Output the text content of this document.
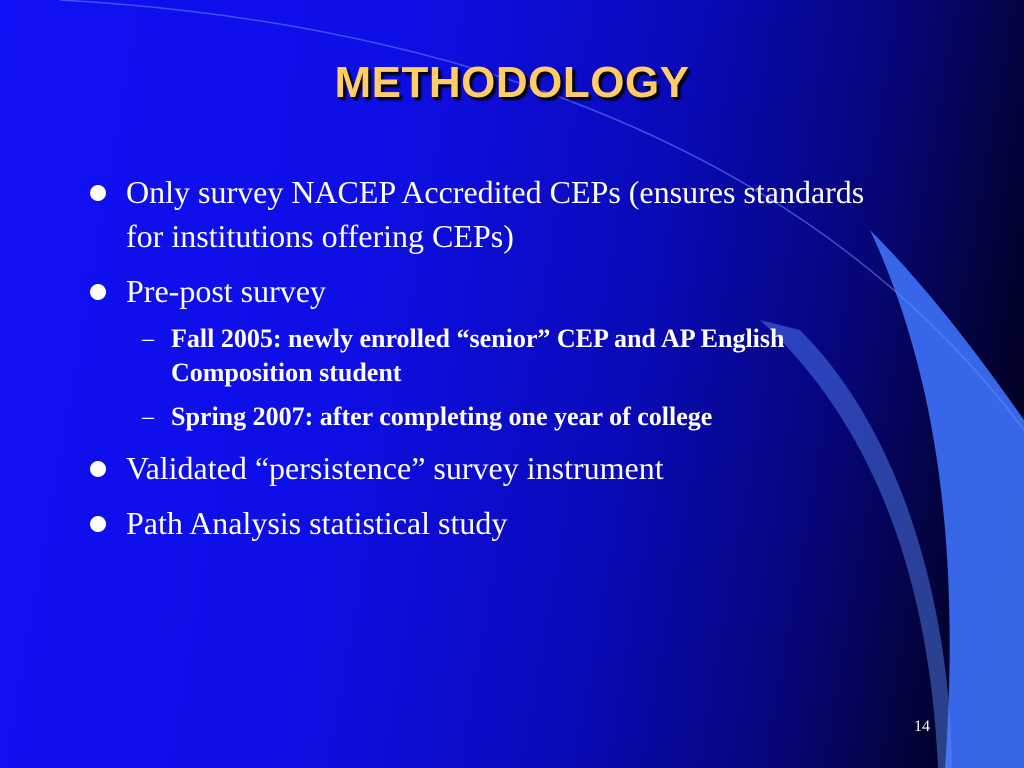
METHODOLOGY
Only survey NACEP Accredited CEPs (ensures standards for institutions offering CEPs)
Pre-post survey
– Fall 2005: newly enrolled “senior” CEP and AP English Composition student
– Spring 2007: after completing one year of college
Validated “persistence” survey instrument
Path Analysis statistical study
14
